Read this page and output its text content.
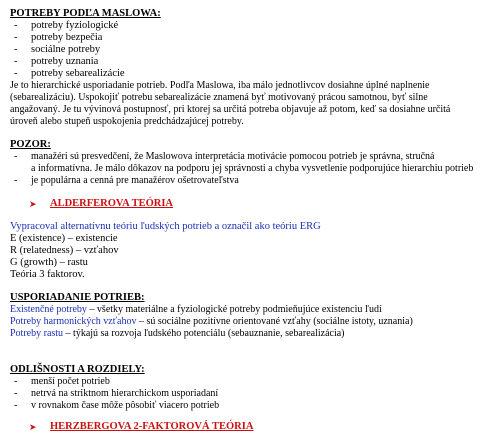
POTREBY PODĽA MASLOWA:
- potreby fyziologické
- potreby bezpečia
- sociálne potreby
- potreby uznania
- potreby sebarealizácie
Je to hierarchické usporiadanie potrieb. Podľa Maslowa, iba málo jednotlivcov dosiahne úplné naplnenie
(sebarealizáciu). Uspokojiť potrebu sebarealizácie znamená byť motivovaný prácou samotnou, byť silne
angažovaný. Je tu vývinová postupnosť, pri ktorej sa určitá potreba objavuje až potom, keď sa dosiahne určitá
úroveň alebo stupeň uspokojenia predchádzajúcej potreby.
POZOR:
- manažéri sú presvedčení, že Maslowova interpretácia motivácie pomocou potrieb je správna, stručná
a informatívna. Je málo dôkazov na podporu jej správnosti a chyba vysvetlenie podporujúce hierarchiu potrieb
- je populárna a cenná pre manažérov ošetrovateľstva
➤ ALDERFEROVA TEÓRIA
Vypracoval alternatívnu teóriu ľudských potrieb a označil ako teóriu ERG
E (existence) – existencie
R (relatedness) – vzťahov
G (growth) – rastu
Teória 3 faktorov.
USPORIADANIE POTRIEB:
Existenčné potreby – všetky materiálne a fyziologické potreby podmieňujúce existenciu ľudí
Potreby harmonických vzťahov – sú sociálne pozitívne orientované vzťahy (sociálne istoty, uznania)
Potreby rastu – týkajú sa rozvoja ľudského potenciálu (sebauznanie, sebarealizácia)
ODLIŠNOSTI A ROZDIELY:
- menší počet potrieb
- netrvá na striktnom hierarchickom usporiadaní
- v rovnakom čase môže pôsobiť viacero potrieb
➤ HERZBERGOVA 2-FAKTOROVÁ TEÓRIA
